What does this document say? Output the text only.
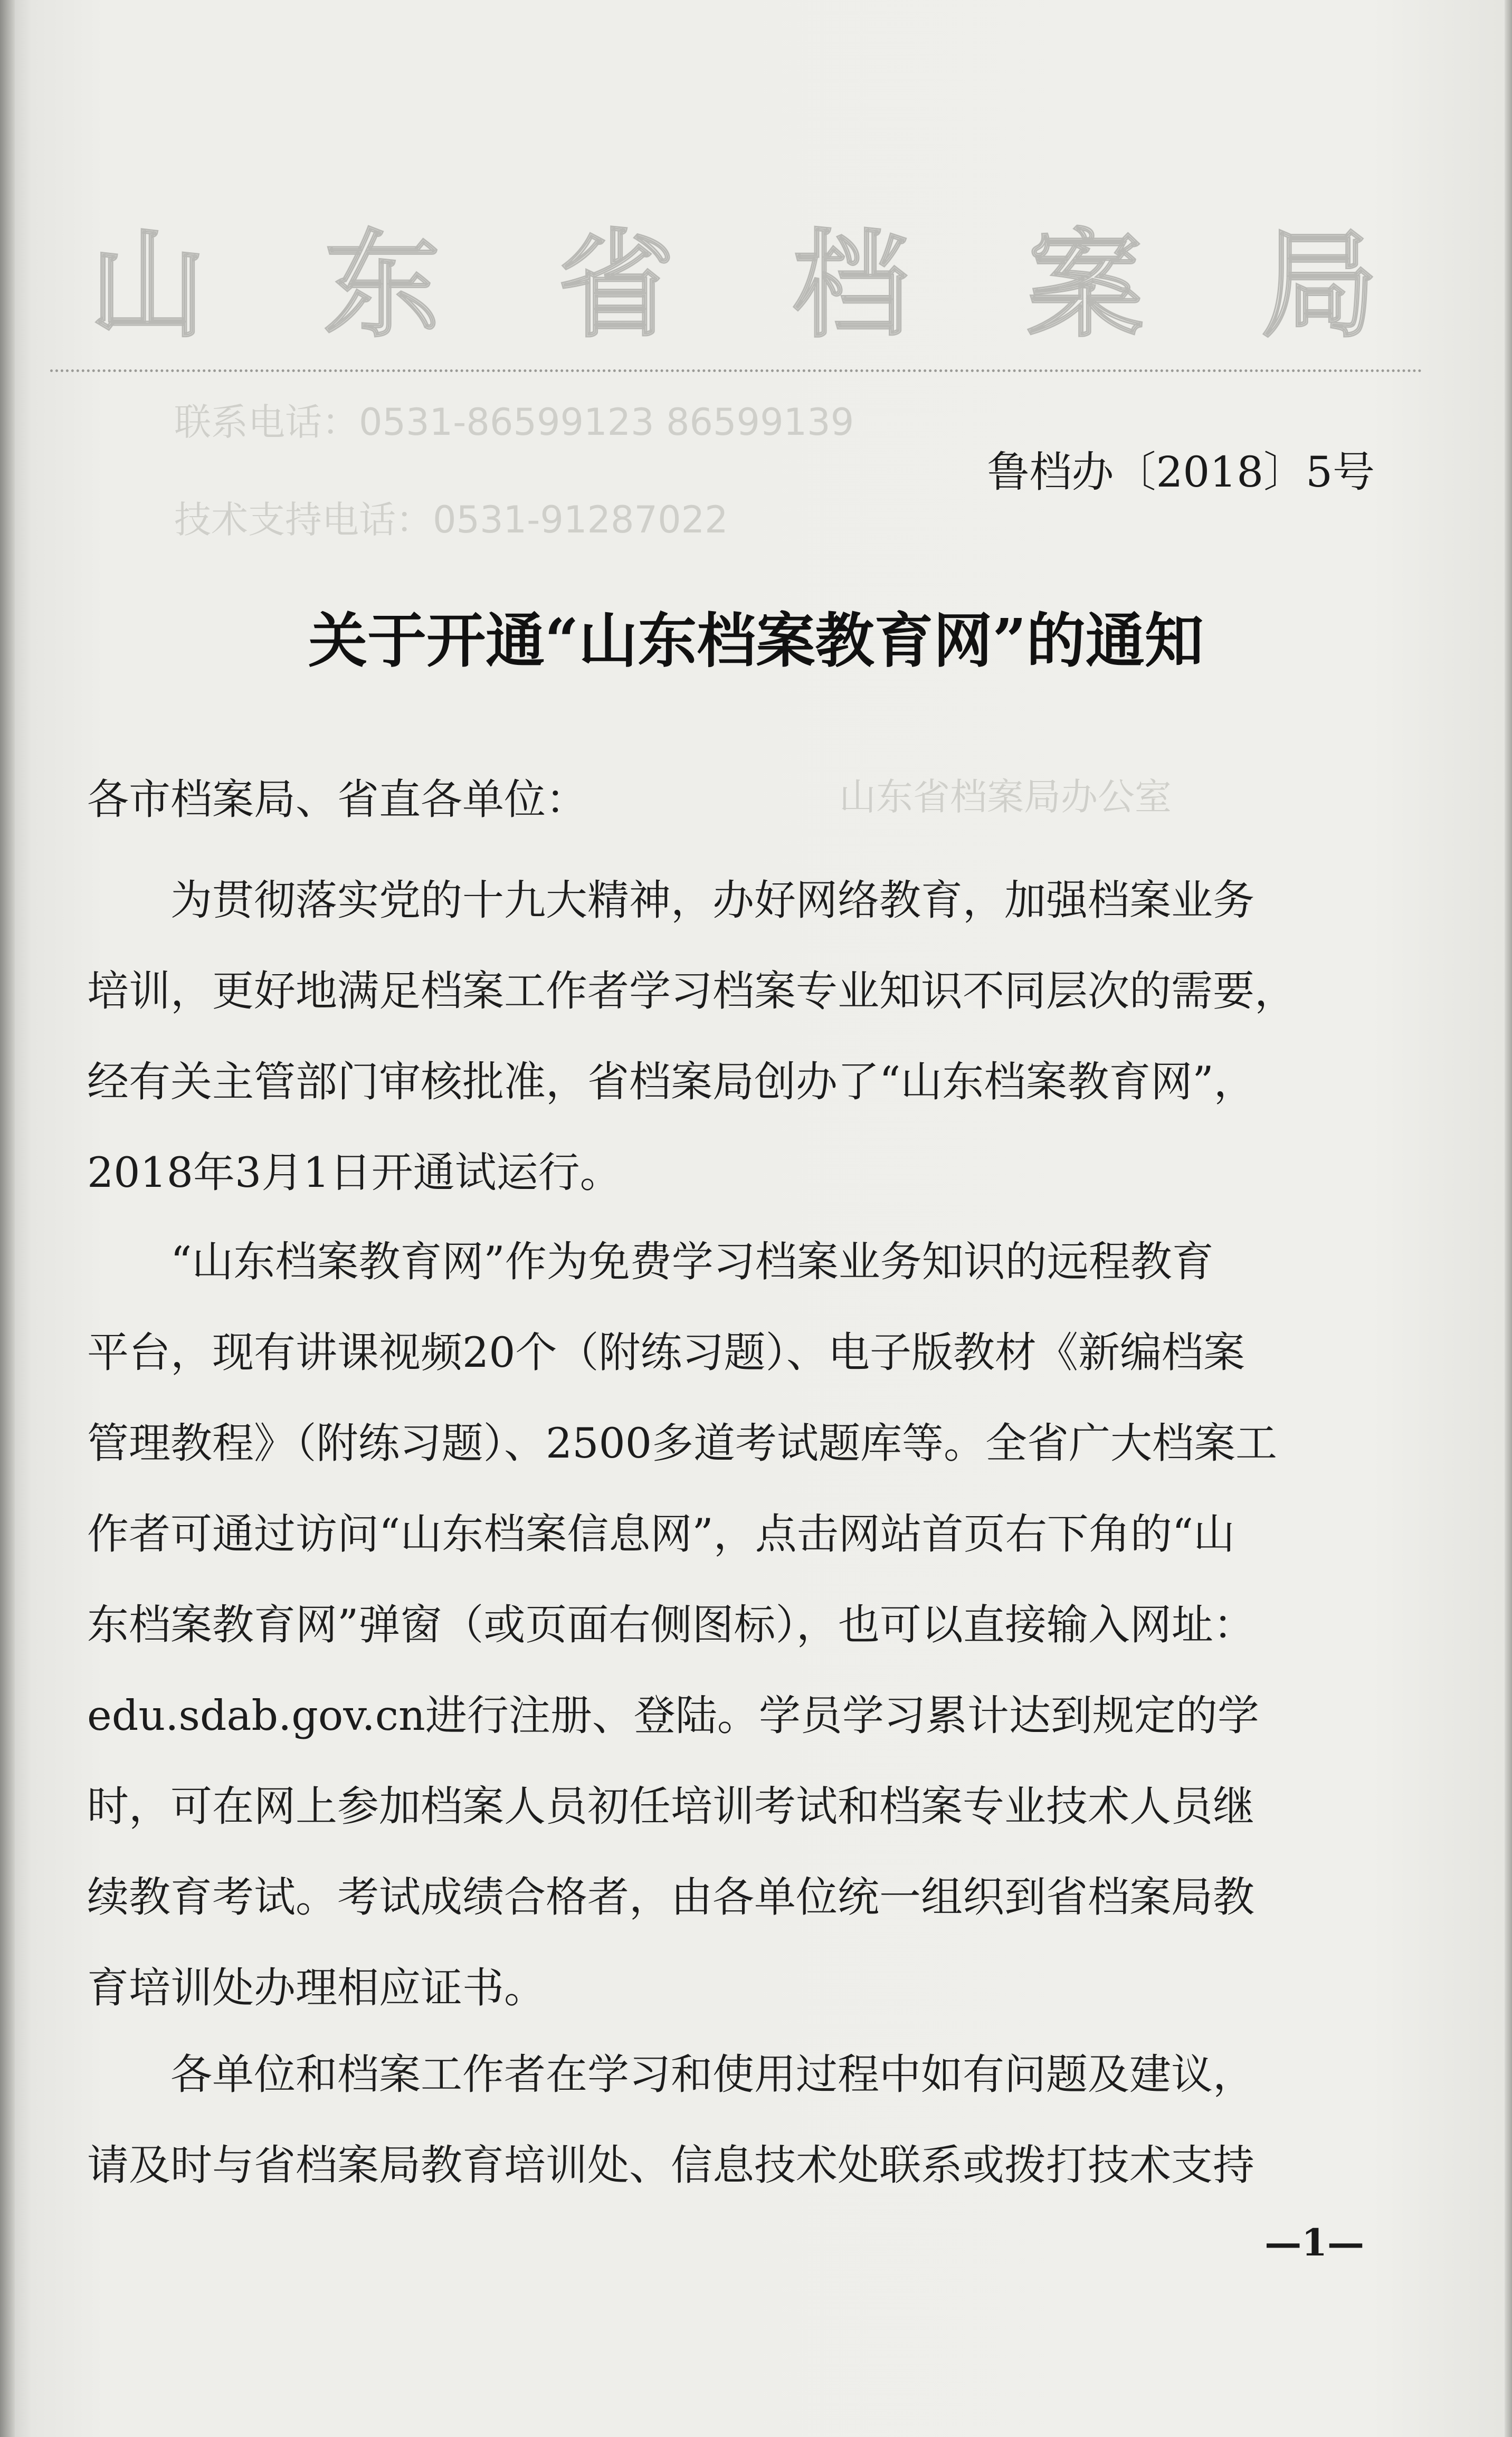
山 东 省 档 案 局
联系电话：0531-86599123 86599139
技术支持电话：0531-91287022
山东省档案局办公室
鲁档办〔2018〕5号
关于开通“山东档案教育网”的通知
各市档案局、省直各单位：
　　为贯彻落实党的十九大精神，办好网络教育，加强档案业务
培训，更好地满足档案工作者学习档案专业知识不同层次的需要，
经有关主管部门审核批准，省档案局创办了“山东档案教育网”，
2018年3月1日开通试运行。
　　“山东档案教育网”作为免费学习档案业务知识的远程教育
平台，现有讲课视频20个（附练习题）、电子版教材《新编档案
管理教程》（附练习题）、2500多道考试题库等。全省广大档案工
作者可通过访问“山东档案信息网”，点击网站首页右下角的“山
东档案教育网”弹窗（或页面右侧图标），也可以直接输入网址：
edu.sdab.gov.cn进行注册、登陆。学员学习累计达到规定的学
时，可在网上参加档案人员初任培训考试和档案专业技术人员继
续教育考试。考试成绩合格者，由各单位统一组织到省档案局教
育培训处办理相应证书。
　　各单位和档案工作者在学习和使用过程中如有问题及建议，
请及时与省档案局教育培训处、信息技术处联系或拨打技术支持
—1—
